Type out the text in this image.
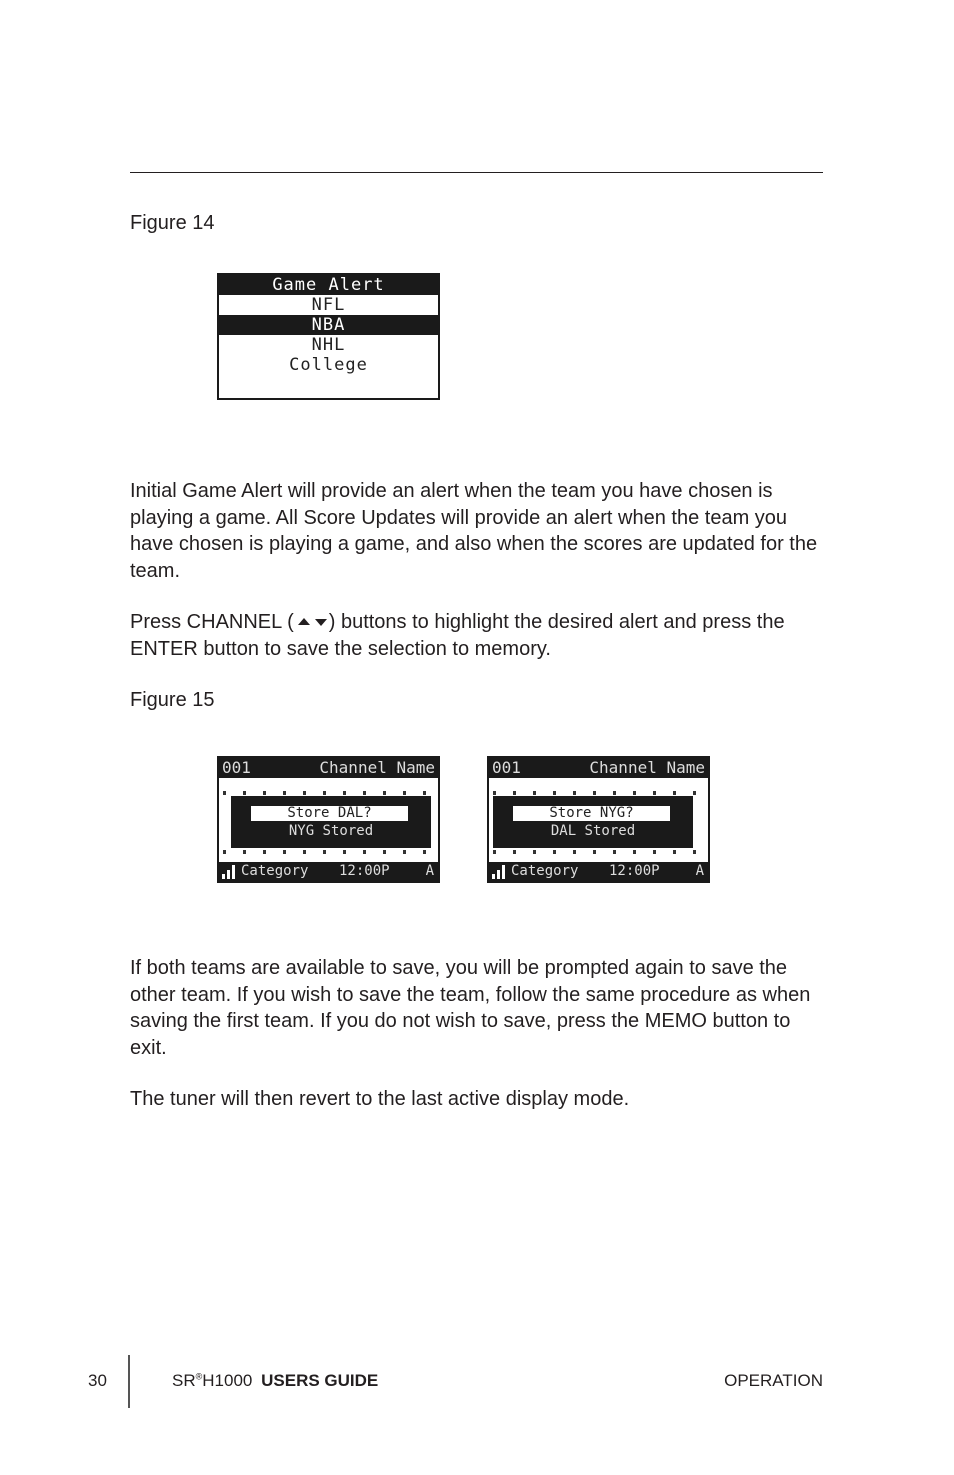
Figure 14
Game Alert
NFL
NBA
NHL
College
Initial Game Alert will provide an alert when the team you have chosen is playing a game. All Score Updates will provide an alert when the team you have chosen is playing a game, and also when the scores are updated for the team.
Press CHANNEL ( ) buttons to highlight the desired alert and press the ENTER button to save the selection to memory.
Figure 15
001	Channel Name
Store DAL?
NYG Stored
Category 12:00P	A
001	Channel Name
Store NYG?
DAL Stored
Category 12:00P	A
If both teams are available to save, you will be prompted again to save the other team. If you wish to save the team, follow the same procedure as when saving the first team. If you do not wish to save, press the MEMO button to exit.
The tuner will then revert to the last active display mode.
30	SR®H1000 USERS GUIDE	OPERATION
